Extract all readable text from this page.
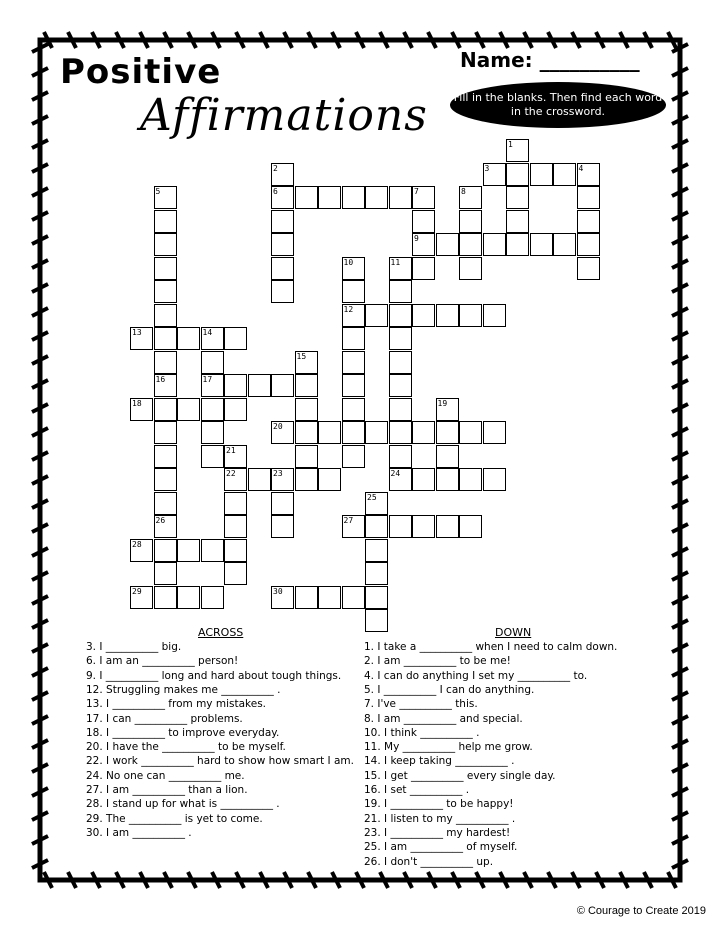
Positive
Affirmations
Name: __________
Fill in the blanks. Then find each word in the crossword.
1
2	3	4
5	6	7	8
9
10	11
12
13	14
15
16	17
18	19
20
21
22	23	24
25
26	27
28
29	30
ACROSS	DOWN
3. I __________ big.
6. I am an __________ person!
9. I __________ long and hard about tough things.
12. Struggling makes me __________ .
13. I __________ from my mistakes.
17. I can __________ problems.
18. I __________ to improve everyday.
20. I have the __________ to be myself.
22. I work __________ hard to show how smart I am.
24. No one can __________ me.
27. I am __________ than a lion.
28. I stand up for what is __________ .
29. The __________ is yet to come.
30. I am __________ .
1. I take a __________ when I need to calm down.
2. I am __________ to be me!
4. I can do anything I set my __________ to.
5. I __________ I can do anything.
7. I've __________ this.
8. I am __________ and special.
10. I think __________ .
11. My __________ help me grow.
14. I keep taking __________ .
15. I get __________ every single day.
16. I set __________ .
19. I __________ to be happy!
21. I listen to my __________ .
23. I __________ my hardest!
25. I am __________ of myself.
26. I don't __________ up.
© Courage to Create 2019
